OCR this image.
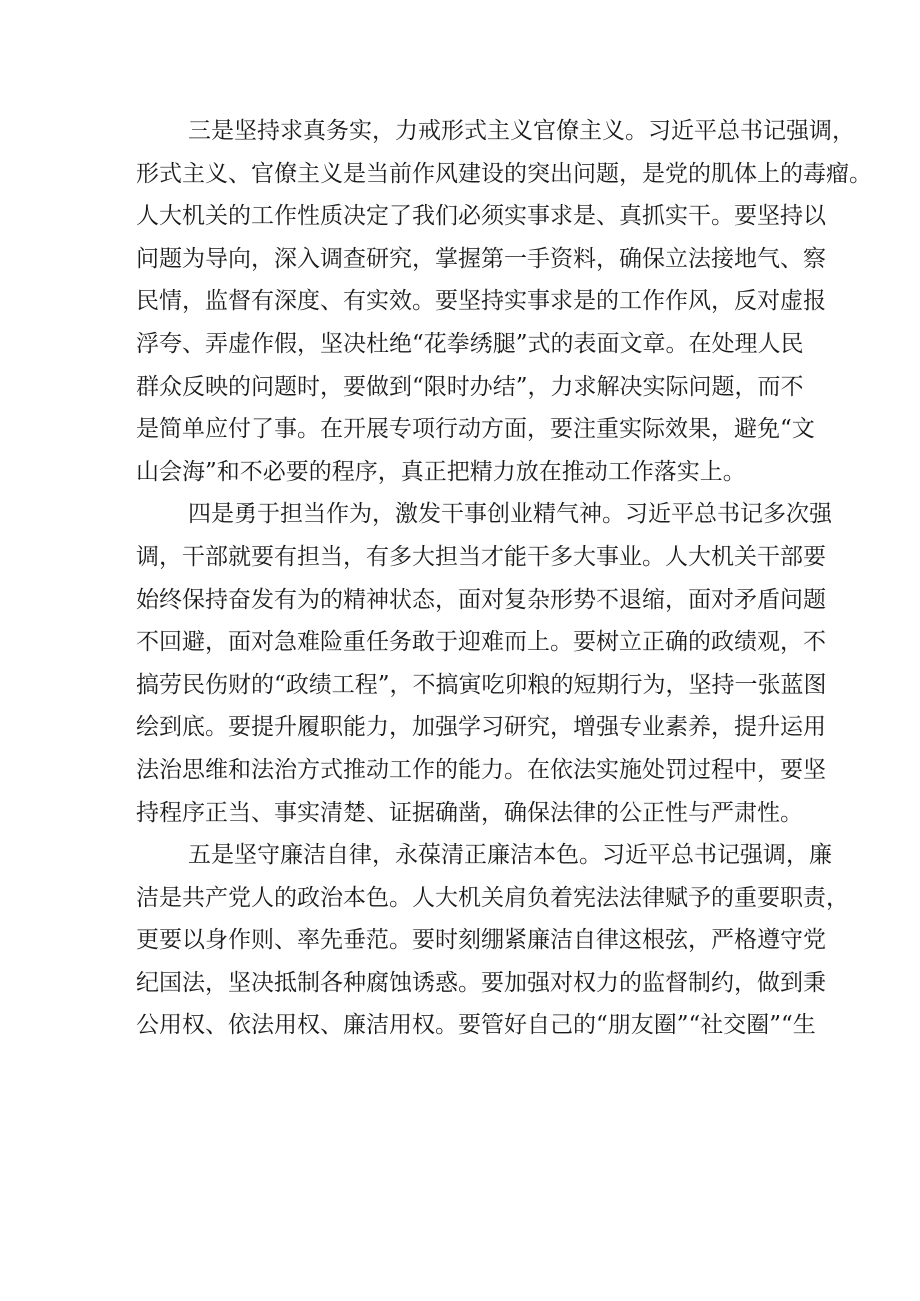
三是坚持求真务实，力戒形式主义官僚主义。习近平总书记强调，
形式主义、官僚主义是当前作风建设的突出问题，是党的肌体上的毒瘤。
人大机关的工作性质决定了我们必须实事求是、真抓实干。要坚持以
问题为导向，深入调查研究，掌握第一手资料，确保立法接地气、察
民情，监督有深度、有实效。要坚持实事求是的工作作风，反对虚报
浮夸、弄虚作假，坚决杜绝“花拳绣腿”式的表面文章。在处理人民
群众反映的问题时，要做到“限时办结”，力求解决实际问题，而不
是简单应付了事。在开展专项行动方面，要注重实际效果，避免“文
山会海”和不必要的程序，真正把精力放在推动工作落实上。
四是勇于担当作为，激发干事创业精气神。习近平总书记多次强
调，干部就要有担当，有多大担当才能干多大事业。人大机关干部要
始终保持奋发有为的精神状态，面对复杂形势不退缩，面对矛盾问题
不回避，面对急难险重任务敢于迎难而上。要树立正确的政绩观，不
搞劳民伤财的“政绩工程”，不搞寅吃卯粮的短期行为，坚持一张蓝图
绘到底。要提升履职能力，加强学习研究，增强专业素养，提升运用
法治思维和法治方式推动工作的能力。在依法实施处罚过程中，要坚
持程序正当、事实清楚、证据确凿，确保法律的公正性与严肃性。
五是坚守廉洁自律，永葆清正廉洁本色。习近平总书记强调，廉
洁是共产党人的政治本色。人大机关肩负着宪法法律赋予的重要职责，
更要以身作则、率先垂范。要时刻绷紧廉洁自律这根弦，严格遵守党
纪国法，坚决抵制各种腐蚀诱惑。要加强对权力的监督制约，做到秉
公用权、依法用权、廉洁用权。要管好自己的“朋友圈”“社交圈”“生
